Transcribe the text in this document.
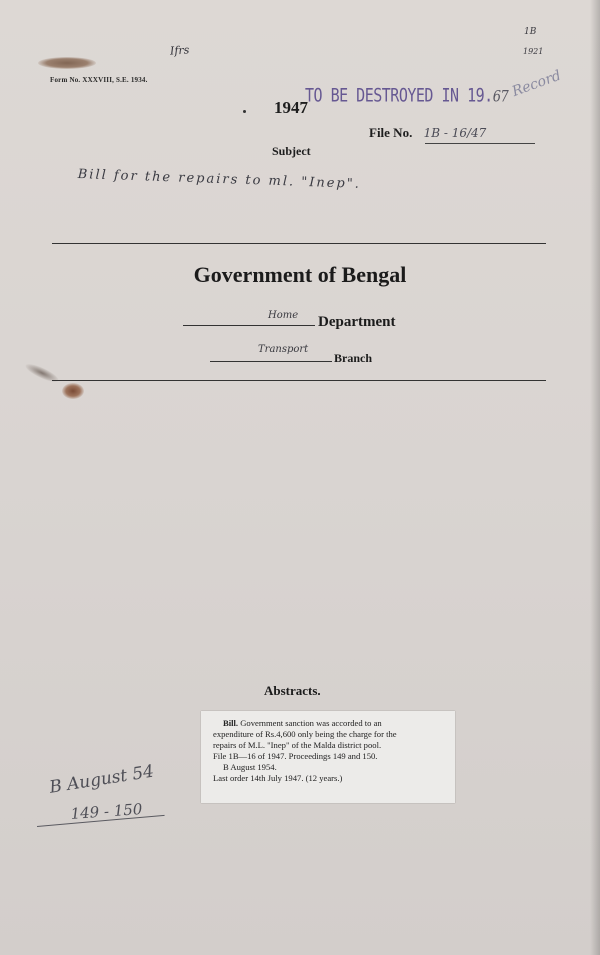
Form No. XXXVIII, S.E. 1934.
Ifrs
1B
1921
1947
TO BE DESTROYED IN 19.67 Record
File No. 1B - 16/47
Subject
Bill for the repairs to ml. "Inep".
Government of Bengal
Home Department
Transport
Branch
Abstracts.

Bill. Government sanction was accorded to an

expenditure of Rs.4,600 only being the charge for the

repairs of M.L. "Inep" of the Malda district pool.

File 1B—16 of 1947. Proceedings 149 and 150.

B August 1954.

Last order 14th July 1947. (12 years.)

B August 54
149 - 150
